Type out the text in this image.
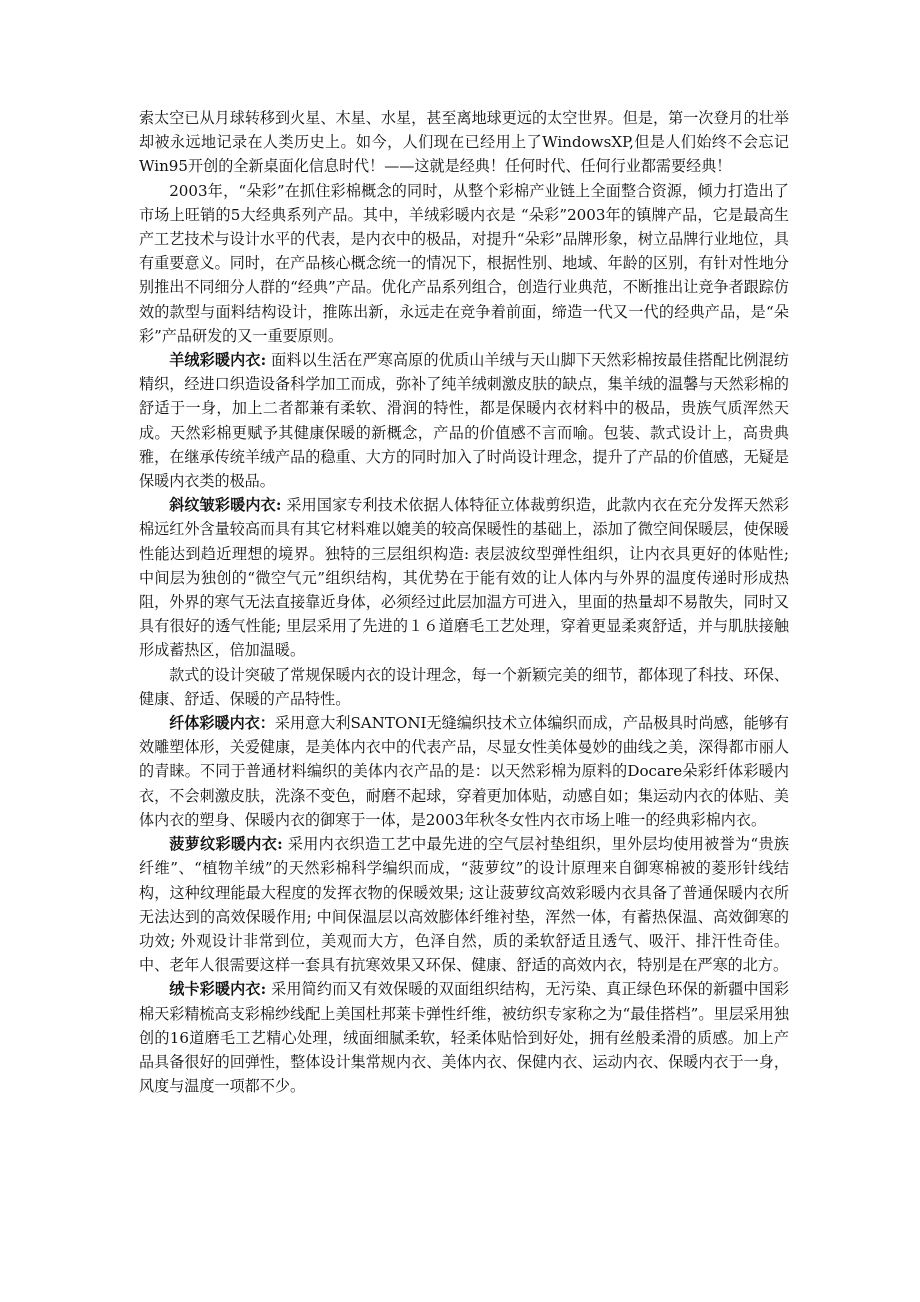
索太空已从月球转移到火星、木星、水星，甚至离地球更远的太空世界。但是，第一次登月的壮举却被永远地记录在人类历史上。如今，人们现在已经用上了WindowsXP,但是人们始终不会忘记Win95开创的全新桌面化信息时代！——这就是经典！任何时代、任何行业都需要经典！

2003年，“朵彩”在抓住彩棉概念的同时，从整个彩棉产业链上全面整合资源，倾力打造出了市场上旺销的5大经典系列产品。其中，羊绒彩暖内衣是 “朵彩”2003年的镇牌产品，它是最高生产工艺技术与设计水平的代表，是内衣中的极品，对提升“朵彩”品牌形象，树立品牌行业地位，具有重要意义。同时，在产品核心概念统一的情况下，根据性别、地域、年龄的区别，有针对性地分别推出不同细分人群的“经典”产品。优化产品系列组合，创造行业典范，不断推出让竞争者跟踪仿效的款型与面料结构设计，推陈出新，永远走在竞争着前面，缔造一代又一代的经典产品，是“朵彩”产品研发的又一重要原则。

羊绒彩暖内衣: 面料以生活在严寒高原的优质山羊绒与天山脚下天然彩棉按最佳搭配比例混纺精织，经进口织造设备科学加工而成，弥补了纯羊绒刺激皮肤的缺点，集羊绒的温馨与天然彩棉的舒适于一身，加上二者都兼有柔软、滑润的特性，都是保暖内衣材料中的极品，贵族气质浑然天成。天然彩棉更赋予其健康保暖的新概念，产品的价值感不言而喻。包装、款式设计上，高贵典雅，在继承传统羊绒产品的稳重、大方的同时加入了时尚设计理念，提升了产品的价值感，无疑是保暖内衣类的极品。

斜纹皱彩暖内衣: 采用国家专利技术依据人体特征立体裁剪织造，此款内衣在充分发挥天然彩棉远红外含量较高而具有其它材料难以媲美的较高保暖性的基础上，添加了微空间保暖层，使保暖性能达到趋近理想的境界。独特的三层组织构造: 表层波纹型弹性组织，让内衣具更好的体贴性; 中间层为独创的“微空气元”组织结构，其优势在于能有效的让人体内与外界的温度传递时形成热阻，外界的寒气无法直接靠近身体，必须经过此层加温方可进入，里面的热量却不易散失，同时又具有很好的透气性能; 里层采用了先进的１６道磨毛工艺处理，穿着更显柔爽舒适，并与肌肤接触形成蓄热区，倍加温暖。

款式的设计突破了常规保暖内衣的设计理念，每一个新颖完美的细节，都体现了科技、环保、健康、舒适、保暖的产品特性。

纤体彩暖内衣：采用意大利SANTONI无缝编织技术立体编织而成，产品极具时尚感，能够有效雕塑体形，关爱健康，是美体内衣中的代表产品，尽显女性美体曼妙的曲线之美，深得都市丽人的青睐。不同于普通材料编织的美体内衣产品的是：以天然彩棉为原料的Docare朵彩纤体彩暖内衣，不会刺激皮肤，洗涤不变色，耐磨不起球，穿着更加体贴，动感自如；集运动内衣的体贴、美体内衣的塑身、保暖内衣的御寒于一体，是2003年秋冬女性内衣市场上唯一的经典彩棉内衣。

菠萝纹彩暖内衣: 采用内衣织造工艺中最先进的空气层衬垫组织，里外层均使用被誉为“贵族纤维”、“植物羊绒”的天然彩棉科学编织而成，“菠萝纹”的设计原理来自御寒棉被的菱形针线结构，这种纹理能最大程度的发挥衣物的保暖效果; 这让菠萝纹高效彩暖内衣具备了普通保暖内衣所无法达到的高效保暖作用; 中间保温层以高效膨体纤维衬垫，浑然一体，有蓄热保温、高效御寒的功效; 外观设计非常到位，美观而大方，色泽自然，质的柔软舒适且透气、吸汗、排汗性奇佳。中、老年人很需要这样一套具有抗寒效果又环保、健康、舒适的高效内衣，特别是在严寒的北方。

绒卡彩暖内衣: 采用简约而又有效保暖的双面组织结构，无污染、真正绿色环保的新疆中国彩棉天彩精梳高支彩棉纱线配上美国杜邦莱卡弹性纤维，被纺织专家称之为“最佳搭档”。里层采用独创的16道磨毛工艺精心处理，绒面细腻柔软，轻柔体贴恰到好处，拥有丝般柔滑的质感。加上产品具备很好的回弹性，整体设计集常规内衣、美体内衣、保健内衣、运动内衣、保暖内衣于一身，风度与温度一项都不少。
